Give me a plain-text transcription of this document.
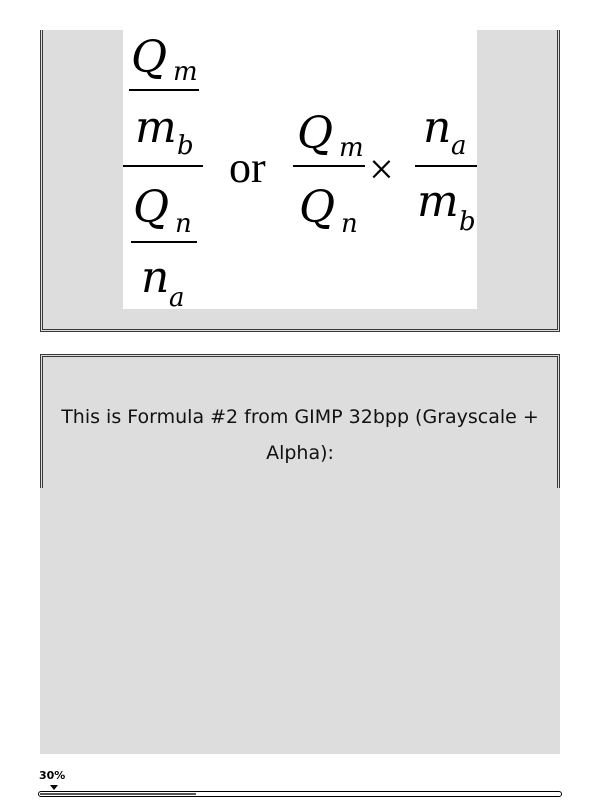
Q m
m b
Q n
n a
or
Q m
Q n
×
n a
m b
This is Formula #2 from GIMP 32bpp (Grayscale + Alpha):
30%
